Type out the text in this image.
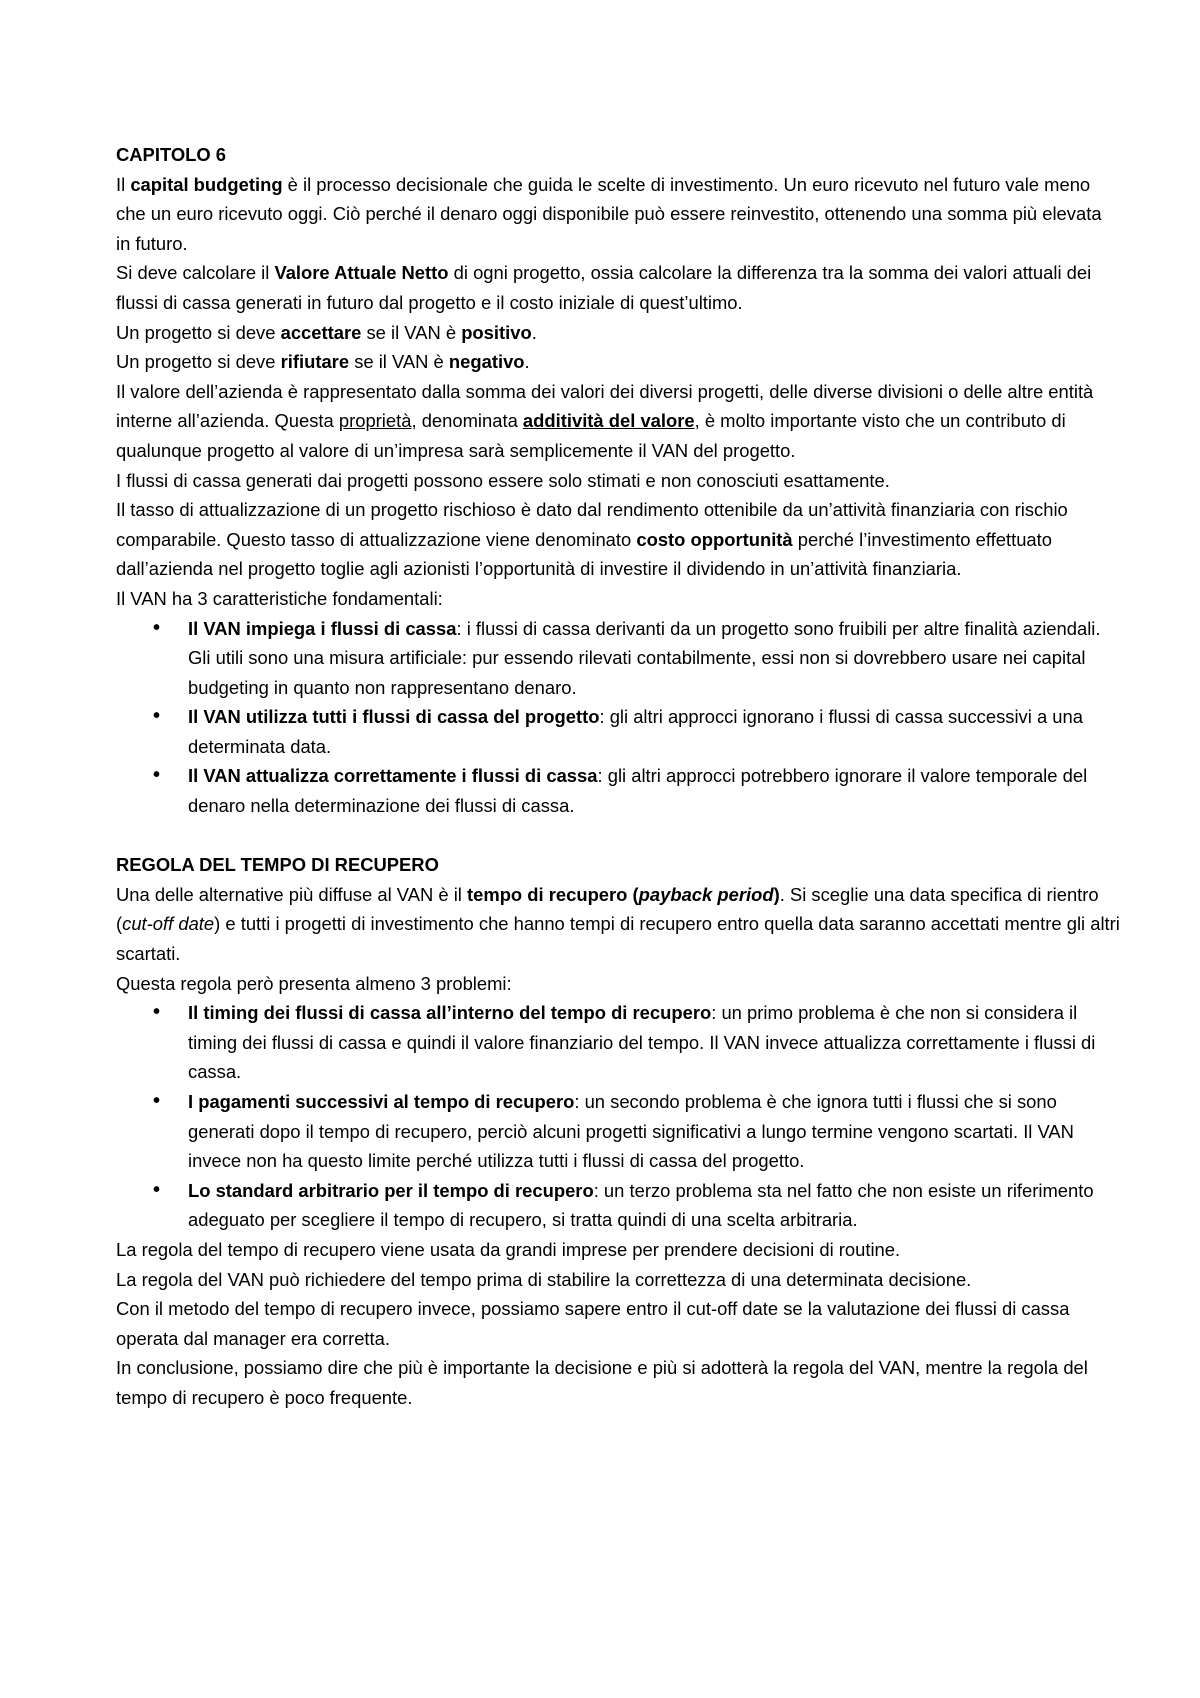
CAPITOLO 6

Il capital budgeting è il processo decisionale che guida le scelte di investimento. Un euro ricevuto nel futuro vale meno che un euro ricevuto oggi. Ciò perché il denaro oggi disponibile può essere reinvestito, ottenendo una somma più elevata in futuro.

Si deve calcolare il Valore Attuale Netto di ogni progetto, ossia calcolare la differenza tra la somma dei valori attuali dei flussi di cassa generati in futuro dal progetto e il costo iniziale di quest’ultimo.

Un progetto si deve accettare se il VAN è positivo.

Un progetto si deve rifiutare se il VAN è negativo.

Il valore dell’azienda è rappresentato dalla somma dei valori dei diversi progetti, delle diverse divisioni o delle altre entità interne all’azienda. Questa proprietà, denominata additività del valore, è molto importante visto che un contributo di qualunque progetto al valore di un’impresa sarà semplicemente il VAN del progetto.

I flussi di cassa generati dai progetti possono essere solo stimati e non conosciuti esattamente.

Il tasso di attualizzazione di un progetto rischioso è dato dal rendimento ottenibile da un’attività finanziaria con rischio comparabile. Questo tasso di attualizzazione viene denominato costo opportunità perché l’investimento effettuato dall’azienda nel progetto toglie agli azionisti l’opportunità di investire il dividendo in un’attività finanziaria.

Il VAN ha 3 caratteristiche fondamentali:

• Il VAN impiega i flussi di cassa: i flussi di cassa derivanti da un progetto sono fruibili per altre finalità aziendali. Gli utili sono una misura artificiale: pur essendo rilevati contabilmente, essi non si dovrebbero usare nei capital budgeting in quanto non rappresentano denaro.
• Il VAN utilizza tutti i flussi di cassa del progetto: gli altri approcci ignorano i flussi di cassa successivi a una determinata data.
• Il VAN attualizza correttamente i flussi di cassa: gli altri approcci potrebbero ignorare il valore temporale del denaro nella determinazione dei flussi di cassa.

REGOLA DEL TEMPO DI RECUPERO

Una delle alternative più diffuse al VAN è il tempo di recupero (payback period). Si sceglie una data specifica di rientro (cut-off date) e tutti i progetti di investimento che hanno tempi di recupero entro quella data saranno accettati mentre gli altri scartati.

Questa regola però presenta almeno 3 problemi:

• Il timing dei flussi di cassa all’interno del tempo di recupero: un primo problema è che non si considera il timing dei flussi di cassa e quindi il valore finanziario del tempo. Il VAN invece attualizza correttamente i flussi di cassa.
• I pagamenti successivi al tempo di recupero: un secondo problema è che ignora tutti i flussi che si sono generati dopo il tempo di recupero, perciò alcuni progetti significativi a lungo termine vengono scartati. Il VAN invece non ha questo limite perché utilizza tutti i flussi di cassa del progetto.
• Lo standard arbitrario per il tempo di recupero: un terzo problema sta nel fatto che non esiste un riferimento adeguato per scegliere il tempo di recupero, si tratta quindi di una scelta arbitraria.

La regola del tempo di recupero viene usata da grandi imprese per prendere decisioni di routine.

La regola del VAN può richiedere del tempo prima di stabilire la correttezza di una determinata decisione.

Con il metodo del tempo di recupero invece, possiamo sapere entro il cut-off date se la valutazione dei flussi di cassa operata dal manager era corretta.

In conclusione, possiamo dire che più è importante la decisione e più si adotterà la regola del VAN, mentre la regola del tempo di recupero è poco frequente.
